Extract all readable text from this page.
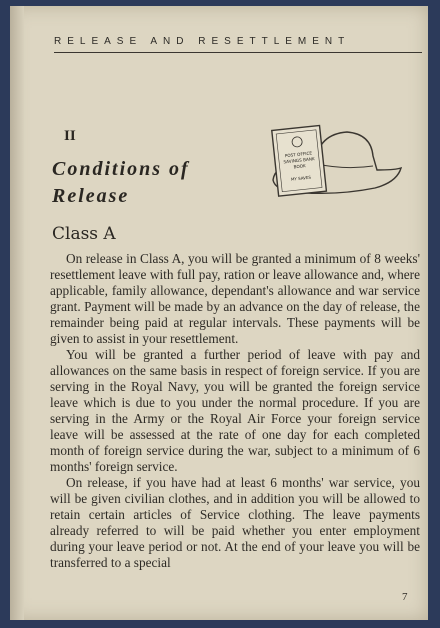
RELEASE AND RESETTLEMENT
II
Conditions of Release
POST OFFICE
SAVINGS BANK
BOOK
MY SAVES
Class A

On release in Class A, you will be granted a minimum of 8 weeks' resettlement leave with full pay, ration or leave allowance and, where applicable, family allowance, dependant's allowance and war service grant. Payment will be made by an advance on the day of release, the remainder being paid at regular intervals. These payments will be given to assist in your resettlement.

You will be granted a further period of leave with pay and allowances on the same basis in respect of foreign service. If you are serving in the Royal Navy, you will be granted the foreign service leave which is due to you under the normal procedure. If you are serving in the Army or the Royal Air Force your foreign service leave will be assessed at the rate of one day for each completed month of foreign service during the war, subject to a minimum of 6 months' foreign service.

On release, if you have had at least 6 months' war service, you will be given civilian clothes, and in addition you will be allowed to retain certain articles of Service clothing. The leave payments already referred to will be paid whether you enter employment during your leave period or not. At the end of your leave you will be transferred to a special

7
